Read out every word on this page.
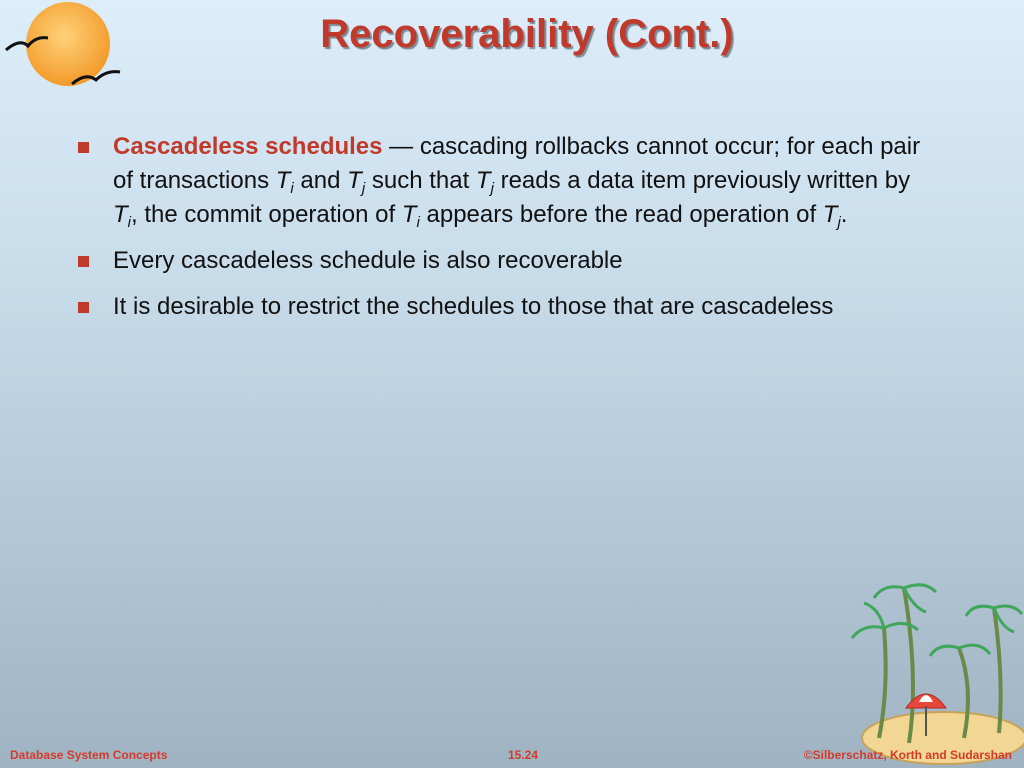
Recoverability (Cont.)
Cascadeless schedules — cascading rollbacks cannot occur; for each pair of transactions $T_i$ and $T_j$ such that $T_j$ reads a data item previously written by $T_i$, the commit operation of $T_i$ appears before the read operation of $T_j$.
Every cascadeless schedule is also recoverable
It is desirable to restrict the schedules to those that are cascadeless
Database System Concepts	15.24	©Silberschatz, Korth and Sudarshan
